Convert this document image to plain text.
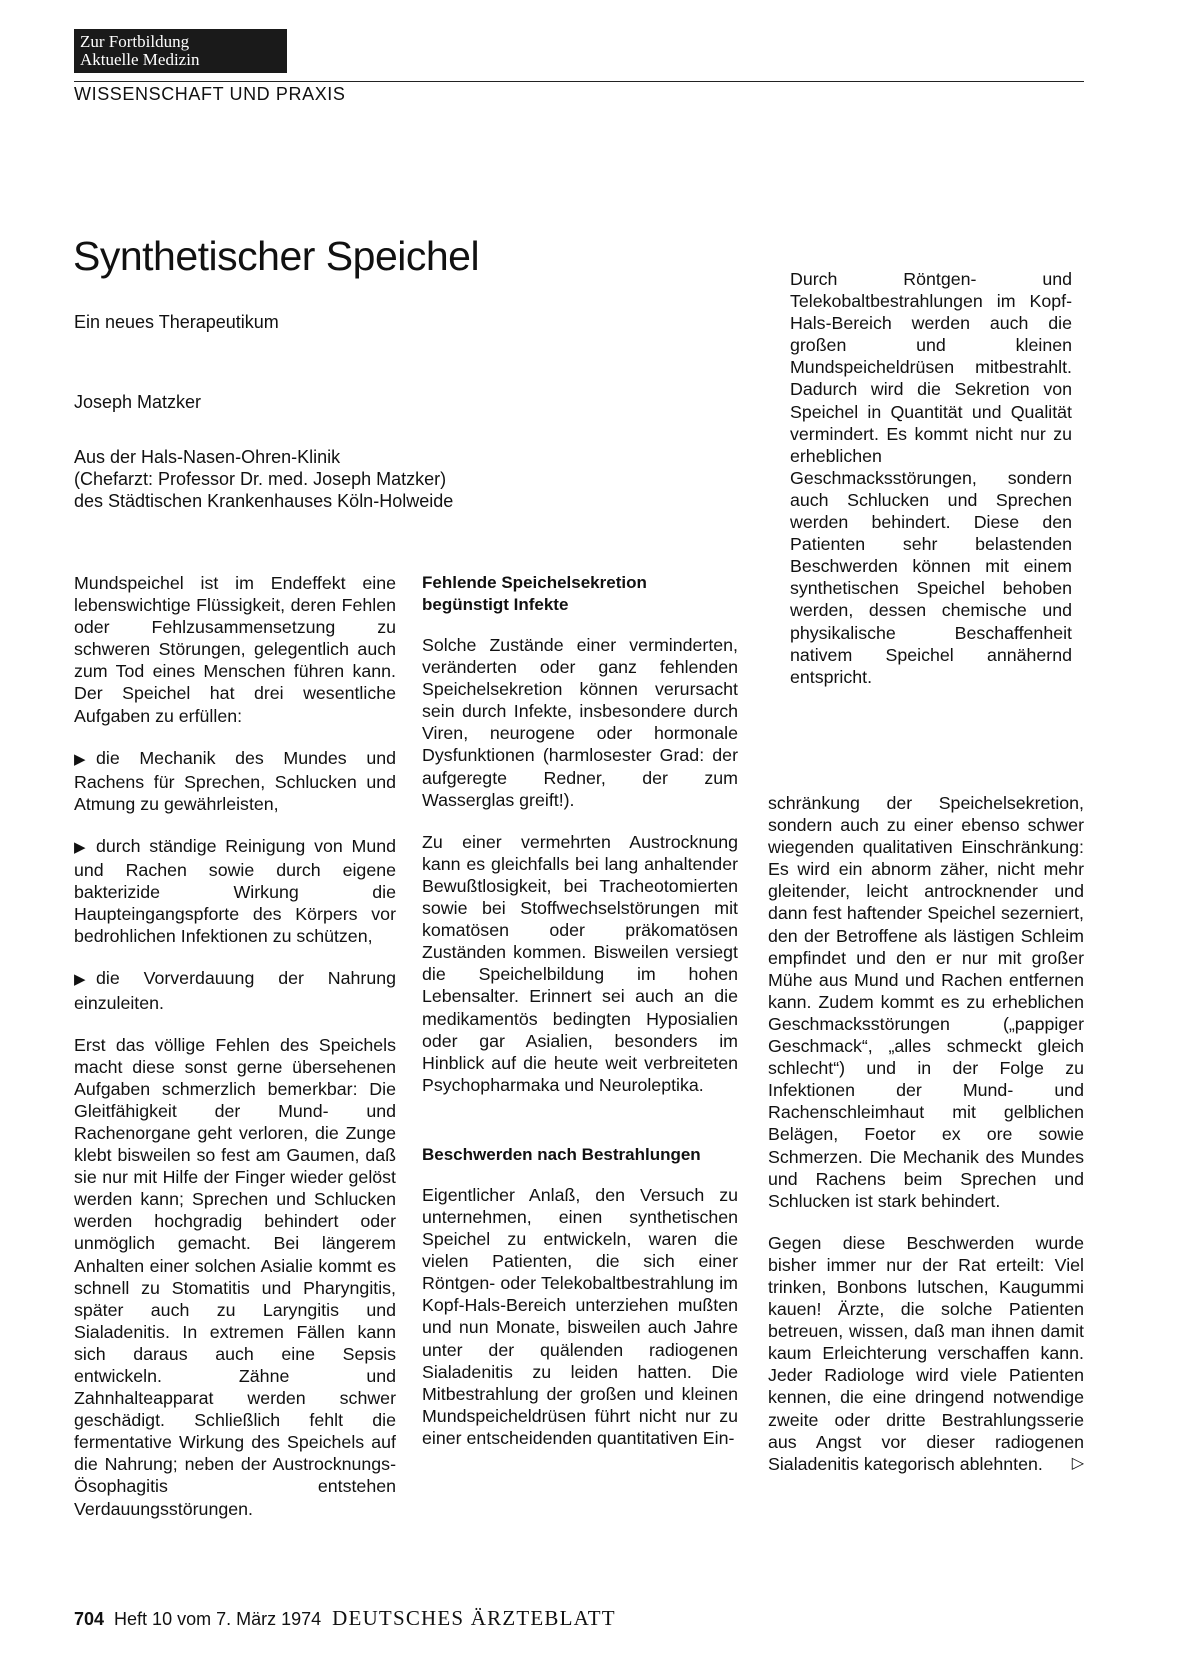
Zur Fortbildung
Aktuelle Medizin
WISSENSCHAFT UND PRAXIS
Synthetischer Speichel
Ein neues Therapeutikum
Joseph Matzker
Aus der Hals-Nasen-Ohren-Klinik
(Chefarzt: Professor Dr. med. Joseph Matzker)
des Städtischen Krankenhauses Köln-Holweide

Durch Röntgen- und Telekobaltbestrahlungen im Kopf-Hals-Bereich werden auch die großen und kleinen Mundspeicheldrüsen mitbestrahlt. Dadurch wird die Sekretion von Speichel in Quantität und Qualität vermindert. Es kommt nicht nur zu erheblichen Geschmacksstörungen, sondern auch Schlucken und Sprechen werden behindert. Diese den Patienten sehr belastenden Beschwerden können mit einem synthetischen Speichel behoben werden, dessen chemische und physikalische Beschaffenheit nativem Speichel annähernd entspricht.

Mundspeichel ist im Endeffekt eine lebenswichtige Flüssigkeit, deren Fehlen oder Fehlzusammensetzung zu schweren Störungen, gelegentlich auch zum Tod eines Menschen führen kann. Der Speichel hat drei wesentliche Aufgaben zu erfüllen:

▶ die Mechanik des Mundes und Rachens für Sprechen, Schlucken und Atmung zu gewährleisten,

▶ durch ständige Reinigung von Mund und Rachen sowie durch eigene bakterizide Wirkung die Haupteingangspforte des Körpers vor bedrohlichen Infektionen zu schützen,

▶ die Vorverdauung der Nahrung einzuleiten.

Erst das völlige Fehlen des Speichels macht diese sonst gerne übersehenen Aufgaben schmerzlich bemerkbar: Die Gleitfähigkeit der Mund- und Rachenorgane geht verloren, die Zunge klebt bisweilen so fest am Gaumen, daß sie nur mit Hilfe der Finger wieder gelöst werden kann; Sprechen und Schlucken werden hochgradig behindert oder unmöglich gemacht. Bei längerem Anhalten einer solchen Asialie kommt es schnell zu Stomatitis und Pharyngitis, später auch zu Laryngitis und Sialadenitis. In extremen Fällen kann sich daraus auch eine Sepsis entwickeln. Zähne und Zahnhalteapparat werden schwer geschädigt. Schließlich fehlt die fermentative Wirkung des Speichels auf die Nahrung; neben der Austrocknungs-Ösophagitis entstehen Verdauungsstörungen.

Fehlende Speichelsekretion begünstigt Infekte

Solche Zustände einer verminderten, veränderten oder ganz fehlenden Speichelsekretion können verursacht sein durch Infekte, insbesondere durch Viren, neurogene oder hormonale Dysfunktionen (harmlosester Grad: der aufgeregte Redner, der zum Wasserglas greift!).

Zu einer vermehrten Austrocknung kann es gleichfalls bei lang anhaltender Bewußtlosigkeit, bei Tracheotomierten sowie bei Stoffwechselstörungen mit komatösen oder präkomatösen Zuständen kommen. Bisweilen versiegt die Speichelbildung im hohen Lebensalter. Erinnert sei auch an die medikamentös bedingten Hyposialien oder gar Asialien, besonders im Hinblick auf die heute weit verbreiteten Psychopharmaka und Neuroleptika.

Beschwerden nach Bestrahlungen

Eigentlicher Anlaß, den Versuch zu unternehmen, einen synthetischen Speichel zu entwickeln, waren die vielen Patienten, die sich einer Röntgen- oder Telekobaltbestrahlung im Kopf-Hals-Bereich unterziehen mußten und nun Monate, bisweilen auch Jahre unter der quälenden radiogenen Sialadenitis zu leiden hatten. Die Mitbestrahlung der großen und kleinen Mundspeicheldrüsen führt nicht nur zu einer entscheidenden quantitativen Ein-

schränkung der Speichelsekretion, sondern auch zu einer ebenso schwer wiegenden qualitativen Einschränkung: Es wird ein abnorm zäher, nicht mehr gleitender, leicht antrocknender und dann fest haftender Speichel sezerniert, den der Betroffene als lästigen Schleim empfindet und den er nur mit großer Mühe aus Mund und Rachen entfernen kann. Zudem kommt es zu erheblichen Geschmacksstörungen („pappiger Geschmack“, „alles schmeckt gleich schlecht“) und in der Folge zu Infektionen der Mund- und Rachenschleimhaut mit gelblichen Belägen, Foetor ex ore sowie Schmerzen. Die Mechanik des Mundes und Rachens beim Sprechen und Schlucken ist stark behindert.

Gegen diese Beschwerden wurde bisher immer nur der Rat erteilt: Viel trinken, Bonbons lutschen, Kaugummi kauen! Ärzte, die solche Patienten betreuen, wissen, daß man ihnen damit kaum Erleichterung verschaffen kann. Jeder Radiologe wird viele Patienten kennen, die eine dringend notwendige zweite oder dritte Bestrahlungsserie aus Angst vor dieser radiogenen Sialadenitis kategorisch ablehnten. ▷

704 Heft 10 vom 7. März 1974 DEUTSCHES ÄRZTEBLATT
